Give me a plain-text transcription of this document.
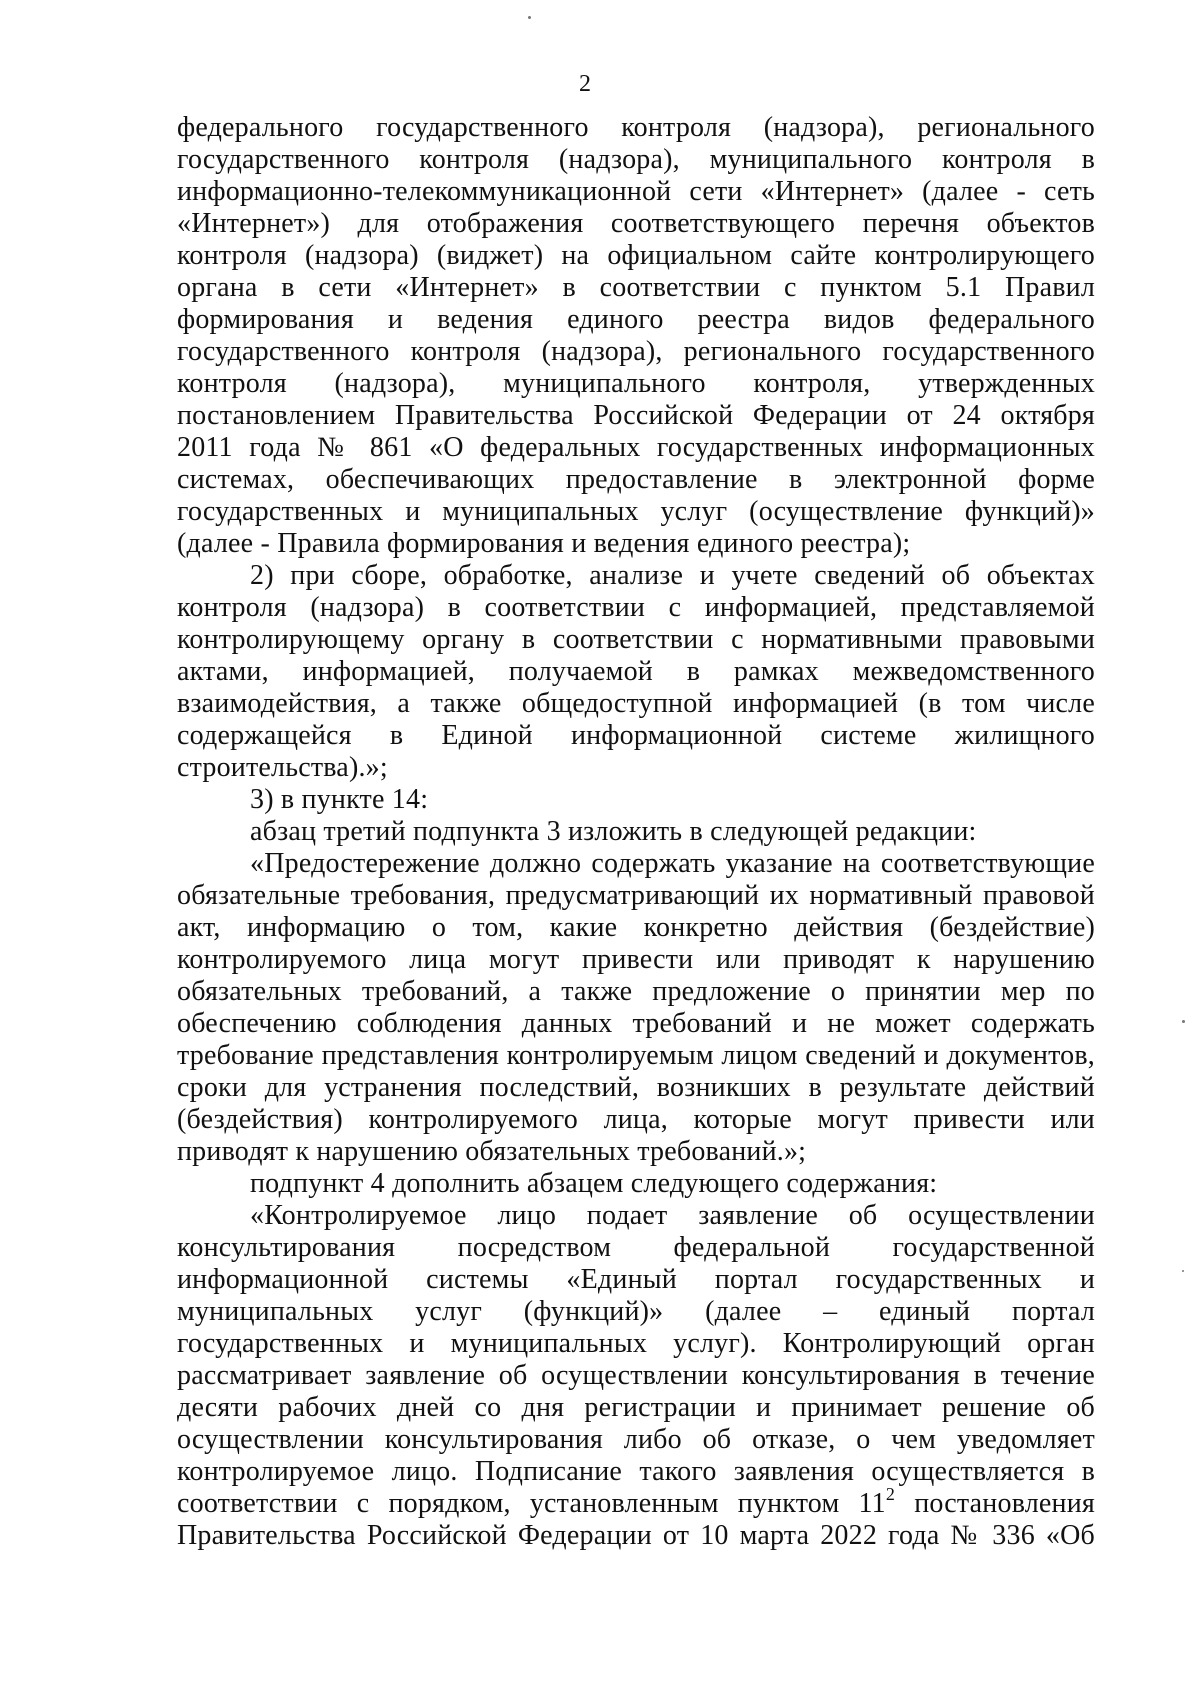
2
федерального государственного контроля (надзора), регионального
государственного контроля (надзора), муниципального контроля в
информационно-телекоммуникационной сети «Интернет» (далее - сеть
«Интернет») для отображения соответствующего перечня объектов
контроля (надзора) (виджет) на официальном сайте контролирующего
органа в сети «Интернет» в соответствии с пунктом 5.1 Правил
формирования и ведения единого реестра видов федерального
государственного контроля (надзора), регионального государственного
контроля (надзора), муниципального контроля, утвержденных
постановлением Правительства Российской Федерации от 24 октября
2011 года № 861 «О федеральных государственных информационных
системах, обеспечивающих предоставление в электронной форме
государственных и муниципальных услуг (осуществление функций)»
(далее - Правила формирования и ведения единого реестра);
2) при сборе, обработке, анализе и учете сведений об объектах
контроля (надзора) в соответствии с информацией, представляемой
контролирующему органу в соответствии с нормативными правовыми
актами, информацией, получаемой в рамках межведомственного
взаимодействия, а также общедоступной информацией (в том числе
содержащейся в Единой информационной системе жилищного
строительства).»;
3) в пункте 14:
абзац третий подпункта 3 изложить в следующей редакции:
«Предостережение должно содержать указание на соответствующие
обязательные требования, предусматривающий их нормативный правовой
акт, информацию о том, какие конкретно действия (бездействие)
контролируемого лица могут привести или приводят к нарушению
обязательных требований, а также предложение о принятии мер по
обеспечению соблюдения данных требований и не может содержать
требование представления контролируемым лицом сведений и документов,
сроки для устранения последствий, возникших в результате действий
(бездействия) контролируемого лица, которые могут привести или
приводят к нарушению обязательных требований.»;
подпункт 4 дополнить абзацем следующего содержания:
«Контролируемое лицо подает заявление об осуществлении
консультирования посредством федеральной государственной
информационной системы «Единый портал государственных и
муниципальных услуг (функций)» (далее – единый портал
государственных и муниципальных услуг). Контролирующий орган
рассматривает заявление об осуществлении консультирования в течение
десяти рабочих дней со дня регистрации и принимает решение об
осуществлении консультирования либо об отказе, о чем уведомляет
контролируемое лицо. Подписание такого заявления осуществляется в
соответствии с порядком, установленным пунктом $11^2$ постановления
Правительства Российской Федерации от 10 марта 2022 года № 336 «Об
